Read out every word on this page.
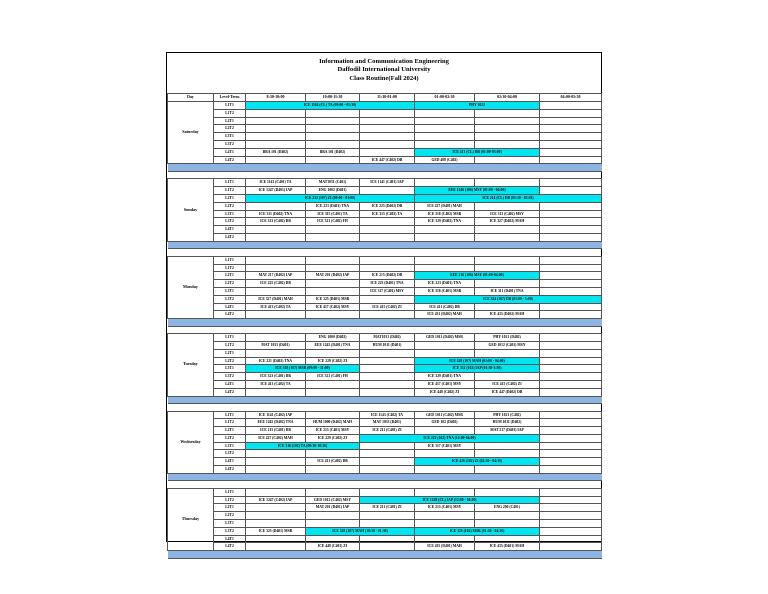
Information and Communication Engineering
Daffodil International University
Class Routine(Fall 2024)
Day	Level-Term	8:30-10:00	10:00-11:30	11:30-01:00	01:00-02:30	02:30-04:00	04:00-05:30
Saturday	L1T1	ICE 1164 (CL) TA (09:00 - 01:30)			PHY 1022		
	L1T2						
	L2T1						
	L2T2						
	L3T1						
	L3T2						
	L4T1	BBA 101 (D402)	BBA 101 (D402)		ICE 413 (CL) DB (01:00-03:00)		
	L4T2			ICE 447 (C402) DB	GED 408 (C402)		

Sunday	L1T1	ICE 1143 (C401) TA	MAT1031 (C401)	ICE 1141 (C401) IAP			
	L1T2	ICE 1247 (D401) IAP	ENG 1002 (D401)		EEE 1246 (106) MSY (01:00 - 04:00)		
	L2T1	ICE 232 (107) ZI (09:00 - 01:00)			ICE 214 (CL) DB (01:30 - 05:30)		
	L2T2		ICE 223 (D401) TNA	ICE 225 (D402) DB	ICE 227 (D401) MAH		
	L3T1	ICE 311 (D402) TNA	ICE 315 (C401) TA	ICE 315 (C402) TA	ICE 318 (C402) MSR	ICE 313 (C402) MSY	
	L3T2	ICE 323 (C402) DB	ICE 321 (C402) FH		ICE 329 (D402) TNA	ICE 327 (D402) MAH	
	L4T1						
	L4T2						

Monday	L1T1						
	L1T2						
	L2T1	MAT 217 (D402) IAP	MAT 201 (D402) IAP	ICE 215 (D402) DB	EEE 216 (106) MSY (01:00-04:00)		
	L2T2	ICE 225 (C402) DB		ICE 223 (D401) TNA	ICE 223 (D401) TNA		
	L3T1			ICE 317 (C401) MSY	ICE 318 (C401) MSR	ICE 311 (D401) TNA	
	L3T2	ICE 327 (D401) MAH	ICE 325 (D401) MSR		ICE 324 (107) DB (01:00 - 5:00)		
	L4T1	ICE 413 (C402) TA	ICE 417 (C402) MSY	ICE 415 (C402) ZI	ICE 411 (C402) DB		
	L4T2				ICE 431 (D402) MAH	ICE 433 (D402) MAH	

Tuesday	L1T1		ENG 1000 (D402)	MAT1031 (D402)	GED 1011 (D402) MSR	PHY 1021 (D402)	
	L1T2	MAT 1033 (D401)	EEE 1245 (D401) TNA	HUM 1011 (D401)		GED 1012 (C401) MSY	
	L2T1						
	L2T2	ICE 221 (D402) TNA	ICE 229 (C402) ZI		ICE 228 (107) MAH (01:00 - 04:00)		
	L3T1	ICE 318 (107) MSR (09:00 - 11:00)			ICE 312 (102) IAP (01:30-3:30)		
	L3T2	ICE 323 (C401) DB	ICE 321 (C401) FH		ICE 329 (D401) TNA		
	L4T1	ICE 413 (C402) TA			ICE 417 (C401) MSY	ICE 415 (C402) ZI	
	L4T2				ICE 448 (C402) ZI	ICE 447 (D402) DB	

Wednesday	L1T1	ICE 1141 (C402) IAP		ICE 1143 (C402) TA	GED 1011 (C402) MSR	PHY 1021 (C402)	
	L1T2	EEE 1245 (D402) TNA	HUM 1000 (D402) MAH	MAT 1033 (D401)	GED 102 (D402)	HUM 1011 (D402)	
	L2T1	ICE 215 (C401) DB	ICE 213 (C401) MSY	ICE 211 (C401) ZI		MAT 217 (D401) IAP	
	L2T2	ICE 227 (C402) MAH	ICE 229 (C402) ZI	ICE 222 (102) TNA (12:00-04:00)			
	L3T1	ICE 316 (102) TA (08:30-10:30)			ICE 317 (C401) MSY		
	L3T2						
	L4T1		ICE 411 (C402) DB		ICE 416 (102) ZI (02:30 - 04:30)		
	L4T2						

Thursday	L1T1						
	L1T2	ICE 1247 (C402) IAP	GED 1012 (C402) MSY	ICE 1248 (CL) IAP (12:00 - 04:00)			
	L2T1		MAT 201 (D401) IAP	ICE 211 (C401) ZI	ICE 213 (C401) MSY	ENG 200 (C401)	
	L2T2						
	L3T1						
	L3T2	ICE 325 (D401) MSR	ICE 328 (107) MAH (10:30 - 01:30)		ICE 326 (102) MSR (01:30 - 04:30)		
	L4T1						
	L4T2		ICE 448 (C401) ZI		ICE 435 (D401) MAH	ICE 435 (D401) MAH	
